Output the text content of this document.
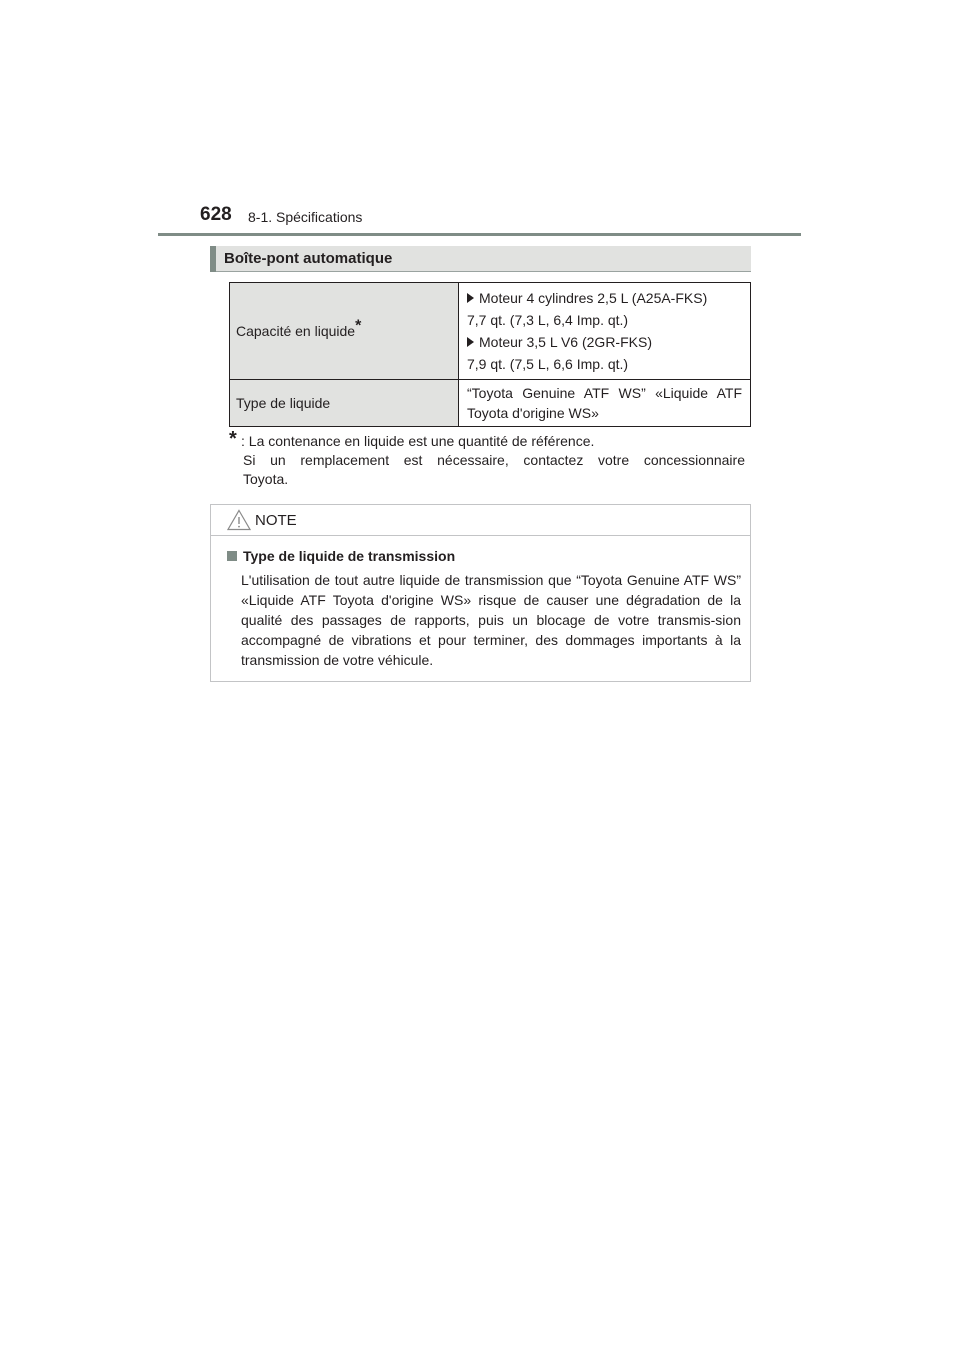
628 8-1. Spécifications
Boîte-pont automatique
Capacité en liquide*	Moteur 4 cylindres 2,5 L (A25A-FKS)

7,7 qt. (7,3 L, 6,4 Imp. qt.)

Moteur 3,5 L V6 (2GR-FKS)

7,9 qt. (7,5 L, 6,6 Imp. qt.)

Type de liquide	“Toyota Genuine ATF WS” «Liquide ATF Toyota d'origine WS»
* : La contenance en liquide est une quantité de référence.
Si un remplacement est nécessaire, contactez votre concessionnaire
Toyota.
NOTE
Type de liquide de transmission
L'utilisation de tout autre liquide de transmission que “Toyota Genuine ATF WS” «Liquide ATF Toyota d'origine WS» risque de causer une dégradation de la qualité des passages de rapports, puis un blocage de votre transmis-sion accompagné de vibrations et pour terminer, des dommages importants à la transmission de votre véhicule.
